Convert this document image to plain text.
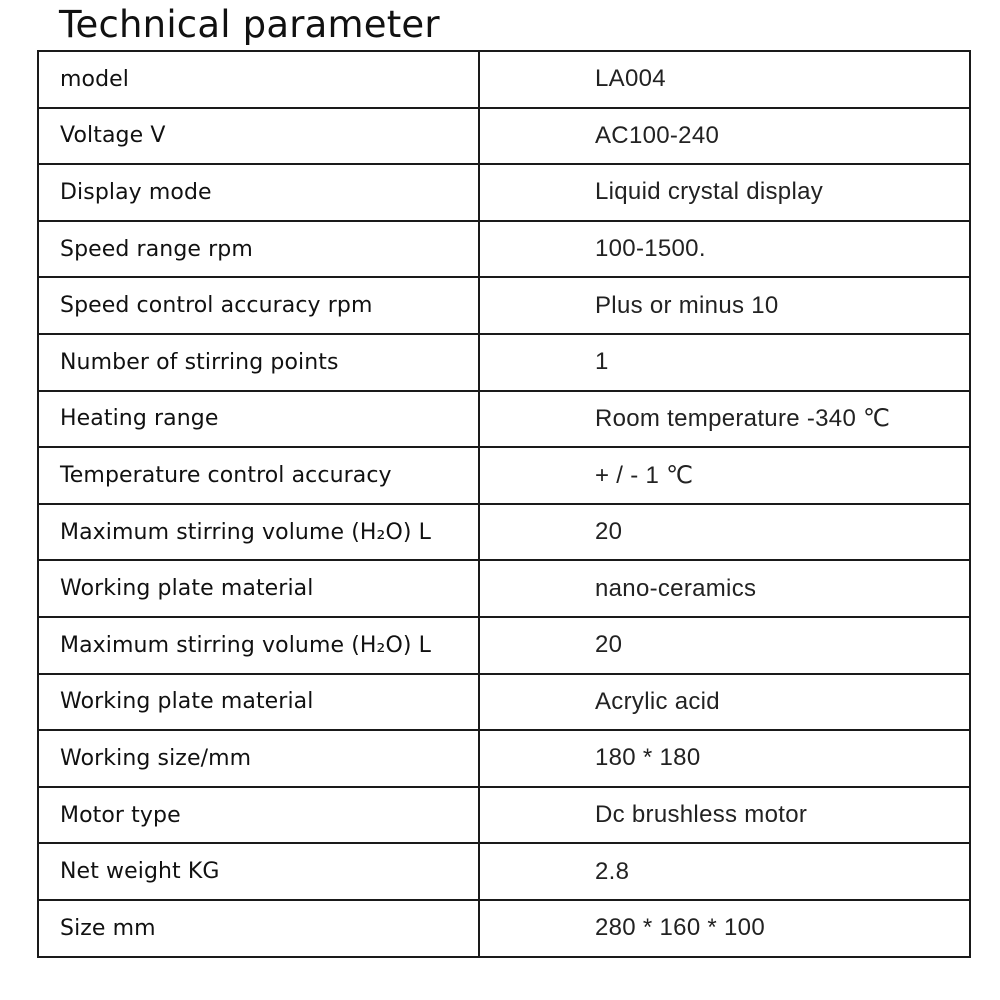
Technical parameter
model	LA004
Voltage V	AC100-240
Display mode	Liquid crystal display
Speed range rpm	100-1500.
Speed control accuracy rpm	Plus or minus 10
Number of stirring points	1
Heating range	Room temperature -340 ℃
Temperature control accuracy	+ / - 1 ℃
Maximum stirring volume (H₂O) L	20
Working plate material	nano-ceramics
Maximum stirring volume (H₂O) L	20
Working plate material	Acrylic acid
Working size/mm	180 * 180
Motor type	Dc brushless motor
Net weight KG	2.8
Size mm	280 * 160 * 100
